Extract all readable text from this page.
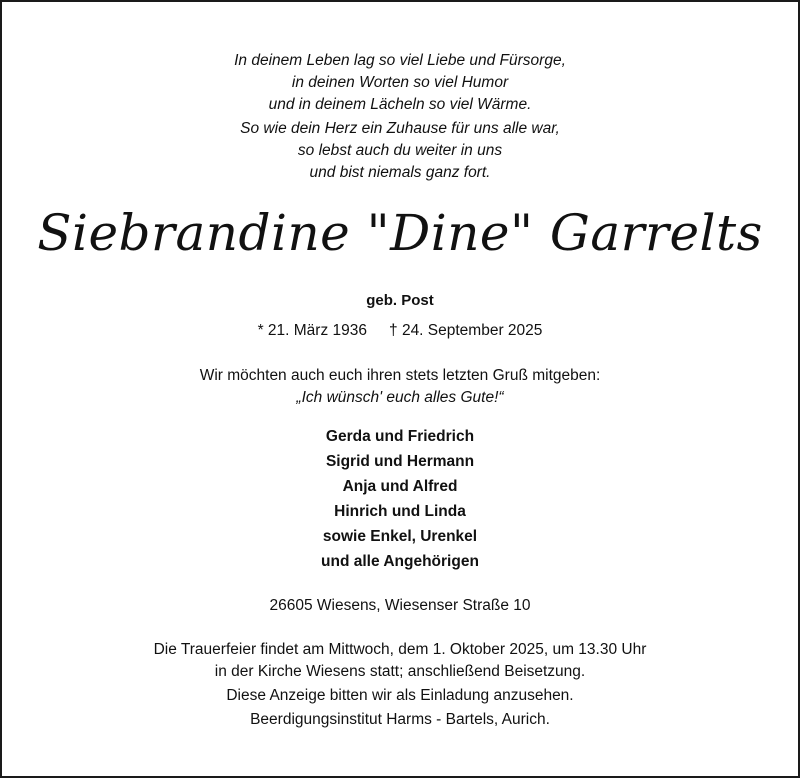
In deinem Leben lag so viel Liebe und Fürsorge,
in deinen Worten so viel Humor
und in deinem Lächeln so viel Wärme.
So wie dein Herz ein Zuhause für uns alle war,
so lebst auch du weiter in uns
und bist niemals ganz fort.
Siebrandine "Dine" Garrelts
geb. Post
* 21. März 1936 † 24. September 2025
Wir möchten auch euch ihren stets letzten Gruß mitgeben:
„Ich wünsch' euch alles Gute!“
Gerda und Friedrich
Sigrid und Hermann
Anja und Alfred
Hinrich und Linda
sowie Enkel, Urenkel
und alle Angehörigen
26605 Wiesens, Wiesenser Straße 10
Die Trauerfeier findet am Mittwoch, dem 1. Oktober 2025, um 13.30 Uhr
in der Kirche Wiesens statt; anschließend Beisetzung.
Diese Anzeige bitten wir als Einladung anzusehen.
Beerdigungsinstitut Harms - Bartels, Aurich.
